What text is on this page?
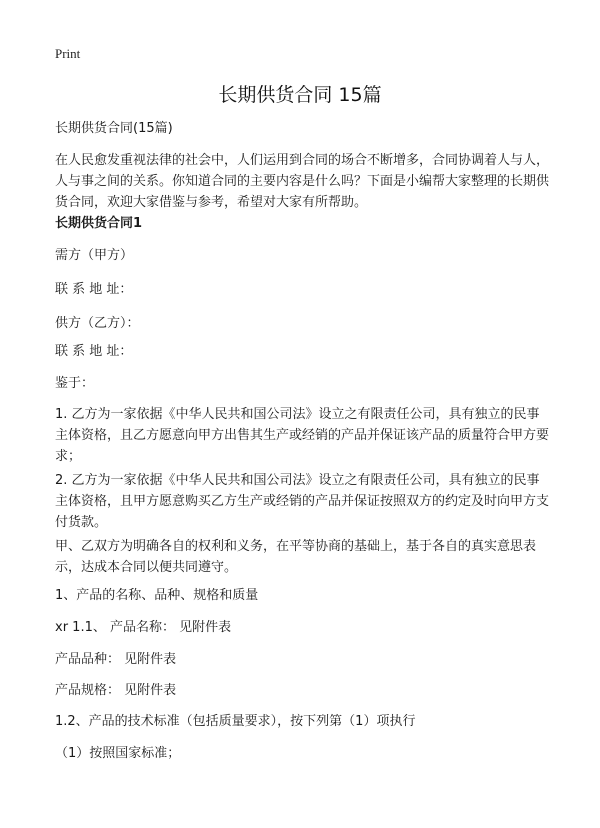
Print
长期供货合同 15篇

长期供货合同(15篇)

在人民愈发重视法律的社会中，人们运用到合同的场合不断增多，合同协调着人与人，人与事之间的关系。你知道合同的主要内容是什么吗？下面是小编帮大家整理的长期供货合同，欢迎大家借鉴与参考，希望对大家有所帮助。

长期供货合同1

需方（甲方）

联 系 地 址：

供方（乙方）：

联 系 地 址：

鉴于：

1. 乙方为一家依据《中华人民共和国公司法》设立之有限责任公司，具有独立的民事主体资格，且乙方愿意向甲方出售其生产或经销的产品并保证该产品的质量符合甲方要求；

2. 乙方为一家依据《中华人民共和国公司法》设立之有限责任公司，具有独立的民事主体资格，且甲方愿意购买乙方生产或经销的产品并保证按照双方的约定及时向甲方支付货款。

甲、乙双方为明确各自的权利和义务，在平等协商的基础上，基于各自的真实意思表示，达成本合同以便共同遵守。

1、产品的名称、品种、规格和质量

xr 1.1、 产品名称： 见附件表

产品品种： 见附件表

产品规格： 见附件表

1.2、产品的技术标准（包括质量要求），按下列第（1）项执行

（1）按照国家标准；
